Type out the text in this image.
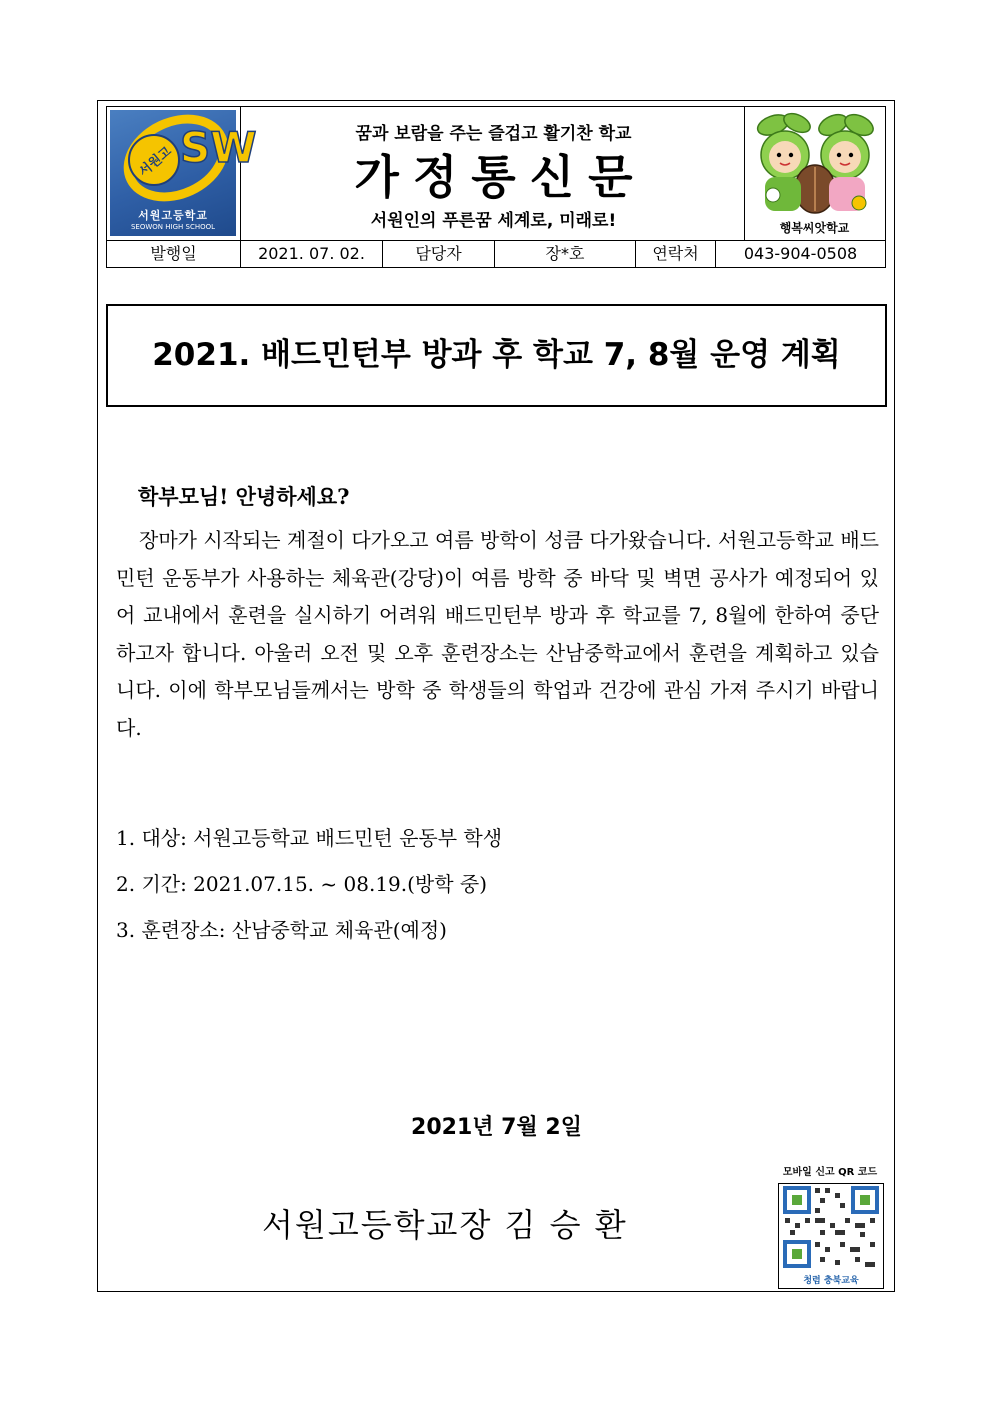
SW
서원고
서원고등학교
SEOWON HIGH SCHOOL
꿈과 보람을 주는 즐겁고 활기찬 학교
가정통신문
서원인의 푸른꿈 세계로, 미래로!	행복씨앗학교
발행일	2021. 07. 02.	담당자	장*호	연락처	043-904-0508
2021. 배드민턴부 방과 후 학교 7, 8월 운영 계획
학부모님! 안녕하세요?
장마가 시작되는 계절이 다가오고 여름 방학이 성큼 다가왔습니다. 서원고등학교 배드민턴 운동부가 사용하는 체육관(강당)이 여름 방학 중 바닥 및 벽면 공사가 예정되어 있어 교내에서 훈련을 실시하기 어려워 배드민턴부 방과 후 학교를 7, 8월에 한하여 중단하고자 합니다. 아울러 오전 및 오후 훈련장소는 산남중학교에서 훈련을 계획하고 있습니다. 이에 학부모님들께서는 방학 중 학생들의 학업과 건강에 관심 가져 주시기 바랍니다.
1. 대상: 서원고등학교 배드민턴 운동부 학생
2. 기간: 2021.07.15. ~ 08.19.(방학 중)
3. 훈련장소: 산남중학교 체육관(예정)
2021년 7월 2일
서원고등학교장 김 승 환
모바일 신고 QR 코드
청렴 충북교육
